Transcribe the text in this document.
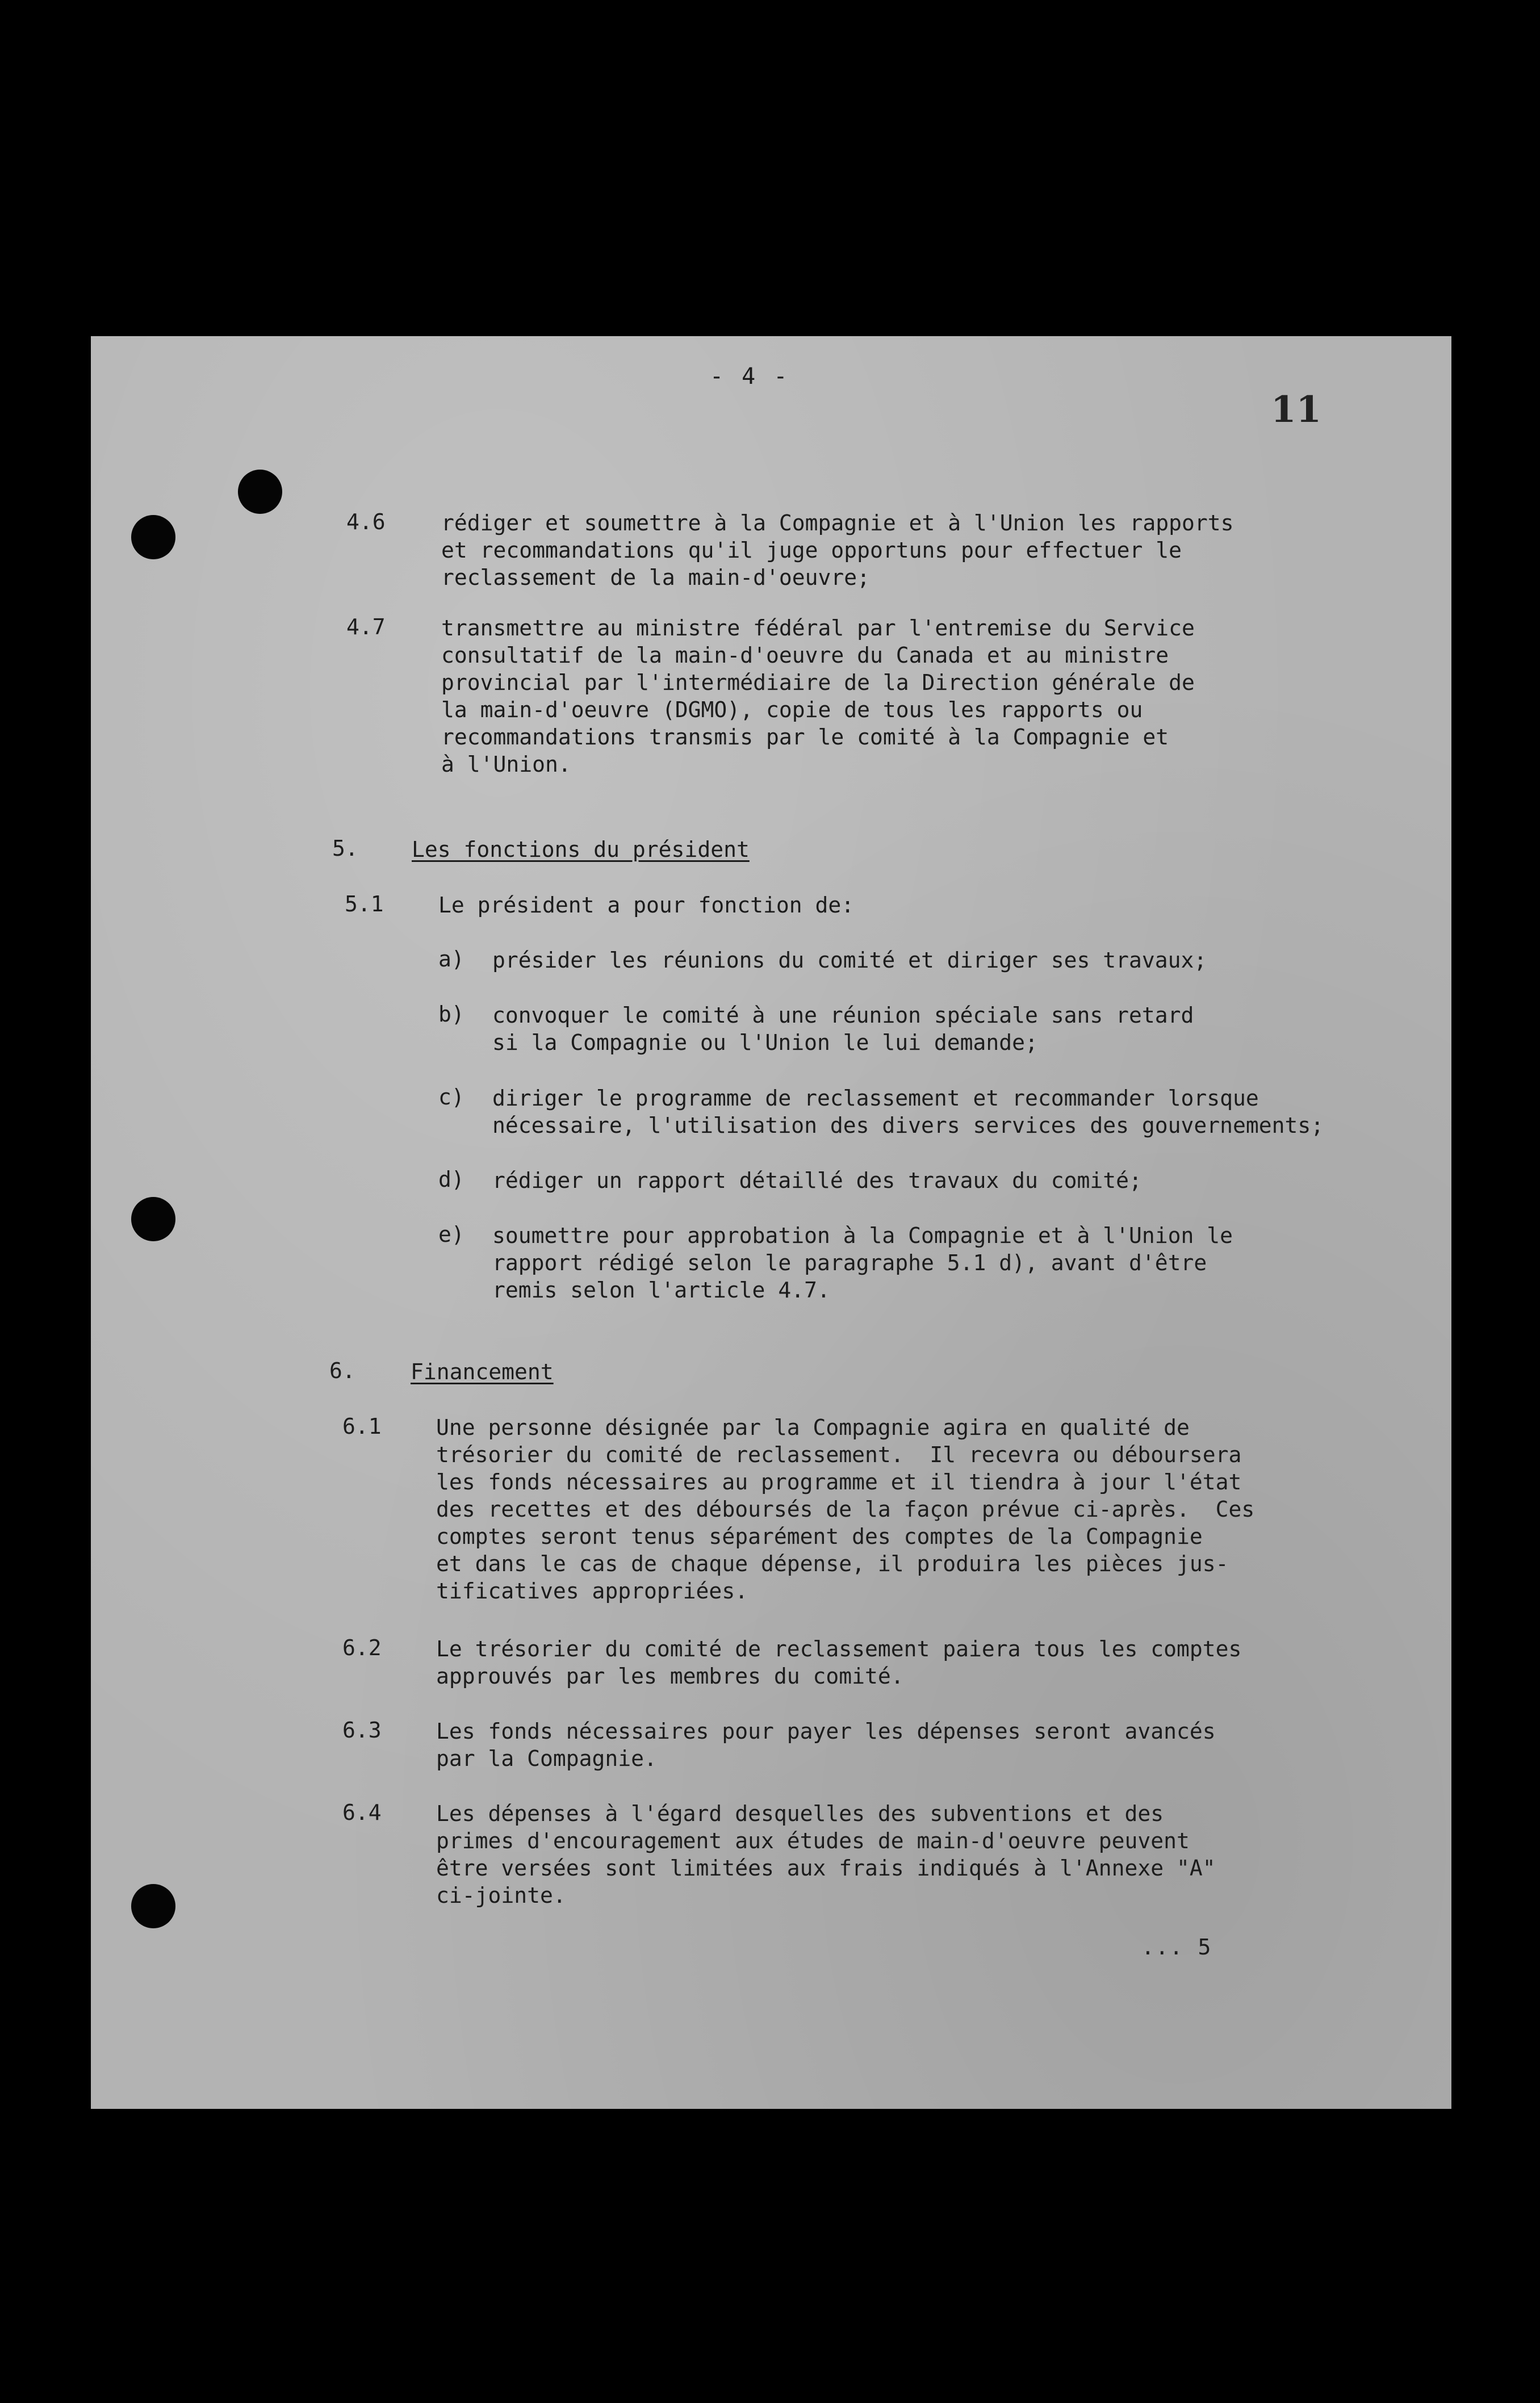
- 4 -
11
4.6	rédiger et soumettre à la Compagnie et à l'Union les rapports
et recommandations qu'il juge opportuns pour effectuer le
reclassement de la main-d'oeuvre;
4.7	transmettre au ministre fédéral par l'entremise du Service
consultatif de la main-d'oeuvre du Canada et au ministre
provincial par l'intermédiaire de la Direction générale de
la main-d'oeuvre (DGMO), copie de tous les rapports ou
recommandations transmis par le comité à la Compagnie et
à l'Union.
5. Les fonctions du président
5.1	Le président a pour fonction de:
a) présider les réunions du comité et diriger ses travaux;
b) convoquer le comité à une réunion spéciale sans retard
si la Compagnie ou l'Union le lui demande;
c) diriger le programme de reclassement et recommander lorsque
nécessaire, l'utilisation des divers services des gouvernements;
d) rédiger un rapport détaillé des travaux du comité;
e) soumettre pour approbation à la Compagnie et à l'Union le
rapport rédigé selon le paragraphe 5.1 d), avant d'être
remis selon l'article 4.7.
6.	Financement
6.1	Une personne désignée par la Compagnie agira en qualité de
trésorier du comité de reclassement.  Il recevra ou déboursera
les fonds nécessaires au programme et il tiendra à jour l'état
des recettes et des déboursés de la façon prévue ci-après.  Ces
comptes seront tenus séparément des comptes de la Compagnie
et dans le cas de chaque dépense, il produira les pièces jus-
tificatives appropriées.
6.2	Le trésorier du comité de reclassement paiera tous les comptes
approuvés par les membres du comité.
6.3	Les fonds nécessaires pour payer les dépenses seront avancés
par la Compagnie.
6.4	Les dépenses à l'égard desquelles des subventions et des
primes d'encouragement aux études de main-d'oeuvre peuvent
être versées sont limitées aux frais indiqués à l'Annexe "A"
ci-jointe.
... 5
